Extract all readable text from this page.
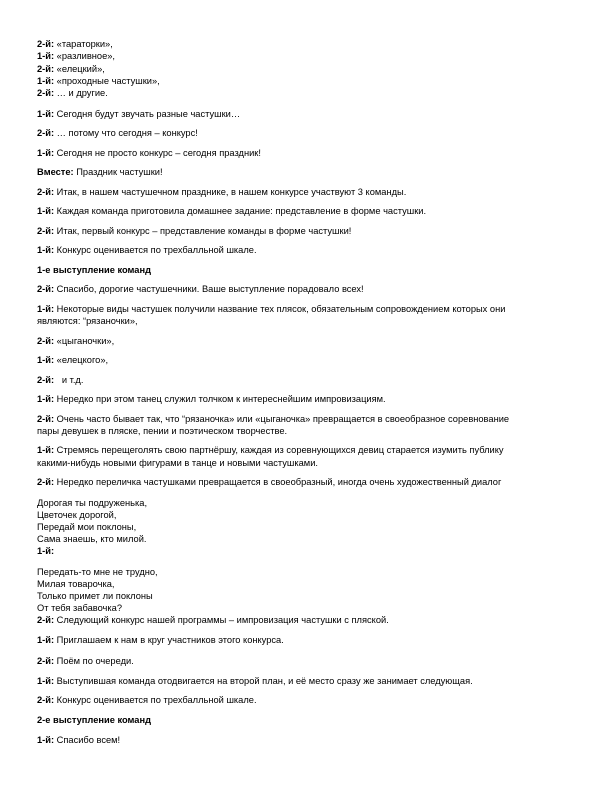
2-й: «тараторки»,
1-й: «разливное»,
2-й: «елецкий»,
1-й: «проходные частушки»,
2-й: … и другие.
1-й: Сегодня будут звучать разные частушки…
2-й: … потому что сегодня – конкурс!
1-й: Сегодня не просто конкурс – сегодня праздник!
Вместе: Праздник частушки!
2-й: Итак, в нашем частушечном празднике, в нашем конкурсе участвуют 3 команды.
1-й: Каждая команда приготовила домашнее задание: представление в форме частушки.
2-й: Итак, первый конкурс – представление команды в форме частушки!
1-й: Конкурс оценивается по трехбалльной шкале.
1-е выступление команд
2-й: Спасибо, дорогие частушечники. Ваше выступление порадовало всех!
1-й: Некоторые виды частушек получили название тех плясок, обязательным сопровождением которых они
являются: “рязаночки»,
2-й: «цыганочки»,
1-й: «елецкого»,
2-й:   и т.д.
1-й: Нередко при этом танец служил толчком к интереснейшим импровизациям.
2-й: Очень часто бывает так, что “рязаночка» или «цыганочка» превращается в своеобразное соревнование
пары девушек в пляске, пении и поэтическом творчестве.
1-й: Стремясь перещеголять свою партнёршу, каждая из соревнующихся девиц старается изумить публику
какими-нибудь новыми фигурами в танце и новыми частушками.
2-й: Нередко переличка частушками превращается в своеобразный, иногда очень художественный диалог
Дорогая ты подруженька,
Цветочек дорогой,
Передай мои поклоны,
Сама знаешь, кто милой.
1-й:
Передать-то мне не трудно,
Милая товарочка,
Только примет ли поклоны
От тебя забавочка?
2-й: Следующий конкурс нашей программы – импровизация частушки с пляской.
1-й: Приглашаем к нам в круг участников этого конкурса.
2-й: Поём по очереди.
1-й: Выступившая команда отодвигается на второй план, и её место сразу же занимает следующая.
2-й: Конкурс оценивается по трехбалльной шкале.
2-е выступление команд
1-й: Спасибо всем!
